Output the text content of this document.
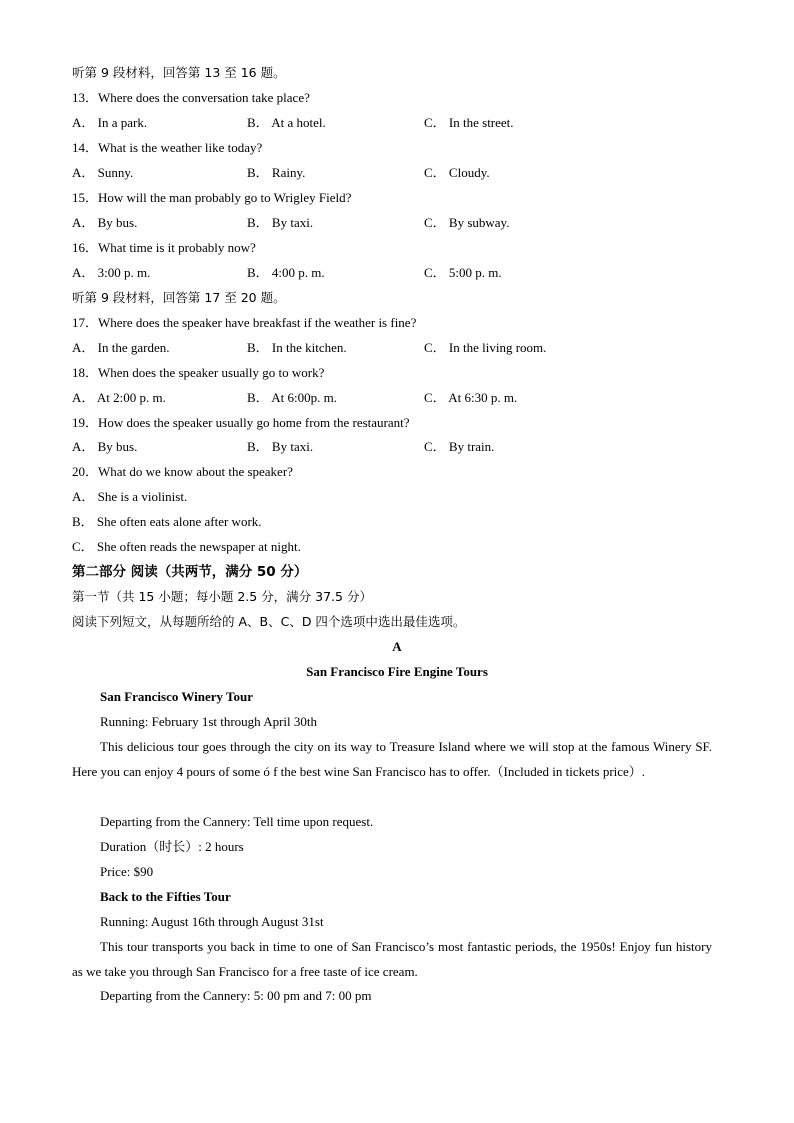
听第 9 段材料，回答第 13 至 16 题。
13．Where does the conversation take place?
A． In a park.	B． At a hotel.	C． In the street.
14．What is the weather like today?
A． Sunny.	B． Rainy.	C． Cloudy.
15．How will the man probably go to Wrigley Field?
A． By bus.	B． By taxi.	C． By subway.
16．What time is it probably now?
A． 3:00 p. m.	B． 4:00 p. m.	C． 5:00 p. m.
听第 9 段材料，回答第 17 至 20 题。
17．Where does the speaker have breakfast if the weather is fine?
A． In the garden.	B． In the kitchen.	C． In the living room.
18．When does the speaker usually go to work?
A． At 2:00 p. m.	B． At 6:00p. m.	C． At 6:30 p. m.
19．How does the speaker usually go home from the restaurant?
A． By bus.	B． By taxi.	C． By train.
20．What do we know about the speaker?
A． She is a violinist.
B． She often eats alone after work.
C． She often reads the newspaper at night.
第二部分 阅读（共两节，满分 50 分）
第一节（共 15 小题；每小题 2.5 分，满分 37.5 分）
阅读下列短文，从每题所给的 A、B、C、D 四个选项中选出最佳选项。
A
San Francisco Fire Engine Tours
San Francisco Winery Tour
Running: February 1st through April 30th
This delicious tour goes through the city on its way to Treasure Island where we will stop at the famous Winery SF. Here you can enjoy 4 pours of some ó f the best wine San Francisco has to offer.（Included in tickets price）.
Departing from the Cannery: Tell time upon request.
Duration（时长）: 2 hours
Price: $90
Back to the Fifties Tour
Running: August 16th through August 31st
This tour transports you back in time to one of San Francisco’s most fantastic periods, the 1950s! Enjoy fun history as we take you through San Francisco for a free taste of ice cream.
Departing from the Cannery: 5: 00 pm and 7: 00 pm
